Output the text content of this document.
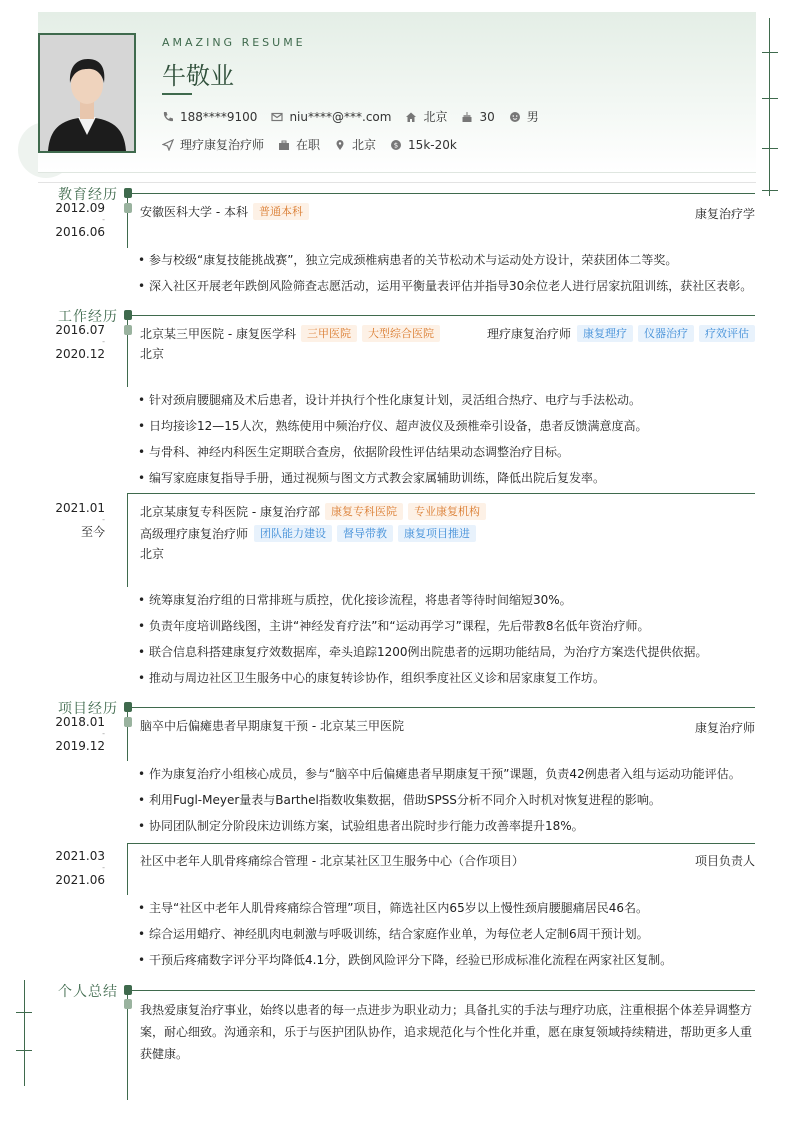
AMAZING RESUME
牛敬业
188****9100	niu****@***.com	北京	30	男
理疗康复治疗师	在职	北京	$ 15k-20k
教育经历
2012.09
-
2016.06
安徽医科大学 - 本科	普通本科	康复治疗学
• 参与校级“康复技能挑战赛”，独立完成颈椎病患者的关节松动术与运动处方设计，荣获团体二等奖。
• 深入社区开展老年跌倒风险筛查志愿活动，运用平衡量表评估并指导30余位老人进行居家抗阻训练，获社区表彰。
工作经历
2016.07
-
2020.12
北京某三甲医院 - 康复医学科	三甲医院	大型综合医院	理疗康复治疗师	康复理疗	仪器治疗	疗效评估
北京
• 针对颈肩腰腿痛及术后患者，设计并执行个性化康复计划，灵活组合热疗、电疗与手法松动。
• 日均接诊12—15人次，熟练使用中频治疗仪、超声波仪及颈椎牵引设备，患者反馈满意度高。
• 与骨科、神经内科医生定期联合查房，依据阶段性评估结果动态调整治疗目标。
• 编写家庭康复指导手册，通过视频与图文方式教会家属辅助训练，降低出院后复发率。
2021.01
-
至今
北京某康复专科医院 - 康复治疗部	康复专科医院	专业康复机构
高级理疗康复治疗师	团队能力建设	督导带教	康复项目推进
北京
• 统筹康复治疗组的日常排班与质控，优化接诊流程，将患者等待时间缩短30%。
• 负责年度培训路线图，主讲“神经发育疗法”和“运动再学习”课程，先后带教8名低年资治疗师。
• 联合信息科搭建康复疗效数据库，牵头追踪1200例出院患者的远期功能结局，为治疗方案迭代提供依据。
• 推动与周边社区卫生服务中心的康复转诊协作，组织季度社区义诊和居家康复工作坊。
项目经历
2018.01
-
2019.12
脑卒中后偏瘫患者早期康复干预 - 北京某三甲医院	康复治疗师
• 作为康复治疗小组核心成员，参与“脑卒中后偏瘫患者早期康复干预”课题，负责42例患者入组与运动功能评估。
• 利用Fugl-Meyer量表与Barthel指数收集数据，借助SPSS分析不同介入时机对恢复进程的影响。
• 协同团队制定分阶段床边训练方案，试验组患者出院时步行能力改善率提升18%。
2021.03
-
2021.06
社区中老年人肌骨疼痛综合管理 - 北京某社区卫生服务中心（合作项目）	项目负责人
• 主导“社区中老年人肌骨疼痛综合管理”项目，筛选社区内65岁以上慢性颈肩腰腿痛居民46名。
• 综合运用蜡疗、神经肌肉电刺激与呼吸训练，结合家庭作业单，为每位老人定制6周干预计划。
• 干预后疼痛数字评分平均降低4.1分，跌倒风险评分下降，经验已形成标准化流程在两家社区复制。
个人总结
我热爱康复治疗事业，始终以患者的每一点进步为职业动力；具备扎实的手法与理疗功底，注重根据个体差异调整方案，耐心细致。沟通亲和，乐于与医护团队协作，追求规范化与个性化并重，愿在康复领域持续精进，帮助更多人重获健康。
